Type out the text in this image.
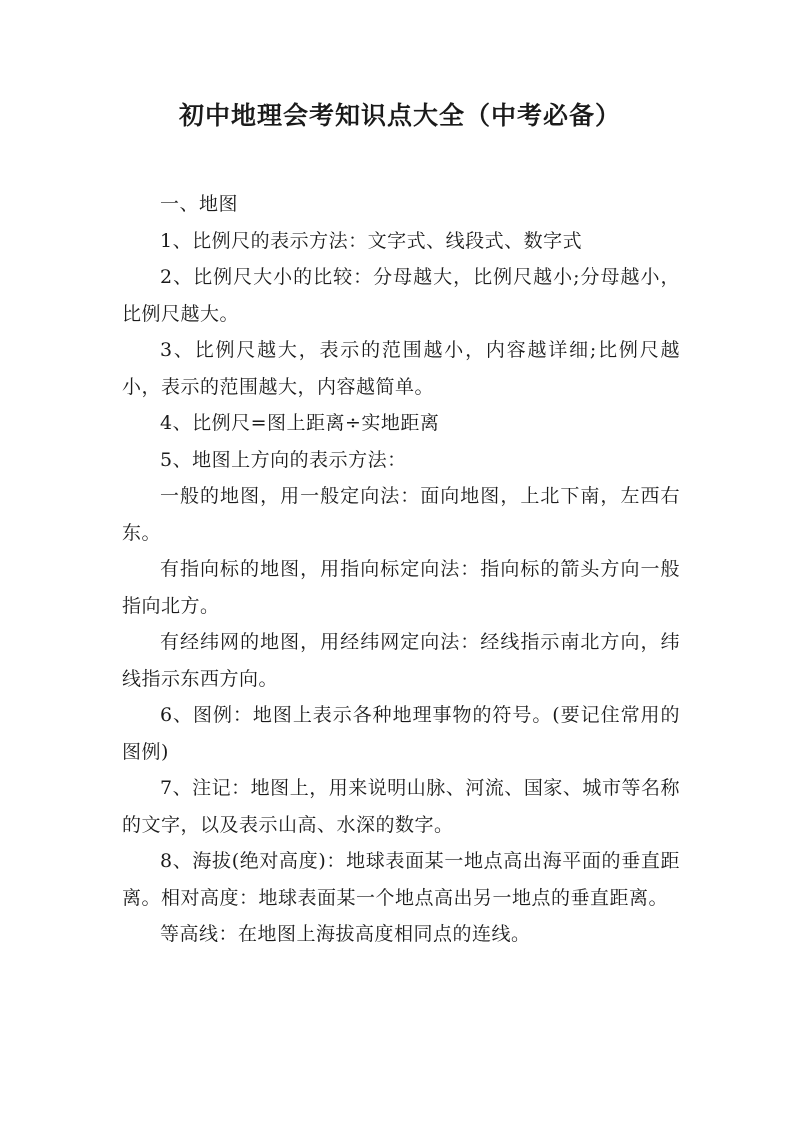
初中地理会考知识点大全（中考必备）

一、地图

1、比例尺的表示方法：文字式、线段式、数字式

2、比例尺大小的比较：分母越大，比例尺越小;分母越小，比例尺越大。

3、比例尺越大，表示的范围越小，内容越详细;比例尺越小，表示的范围越大，内容越简单。

4、比例尺=图上距离÷实地距离

5、地图上方向的表示方法：

一般的地图，用一般定向法：面向地图，上北下南，左西右东。

有指向标的地图，用指向标定向法：指向标的箭头方向一般指向北方。

有经纬网的地图，用经纬网定向法：经线指示南北方向，纬线指示东西方向。

6、图例：地图上表示各种地理事物的符号。(要记住常用的图例)

7、注记：地图上，用来说明山脉、河流、国家、城市等名称的文字，以及表示山高、水深的数字。

8、海拔(绝对高度)：地球表面某一地点高出海平面的垂直距离。相对高度：地球表面某一个地点高出另一地点的垂直距离。

等高线：在地图上海拔高度相同点的连线。
